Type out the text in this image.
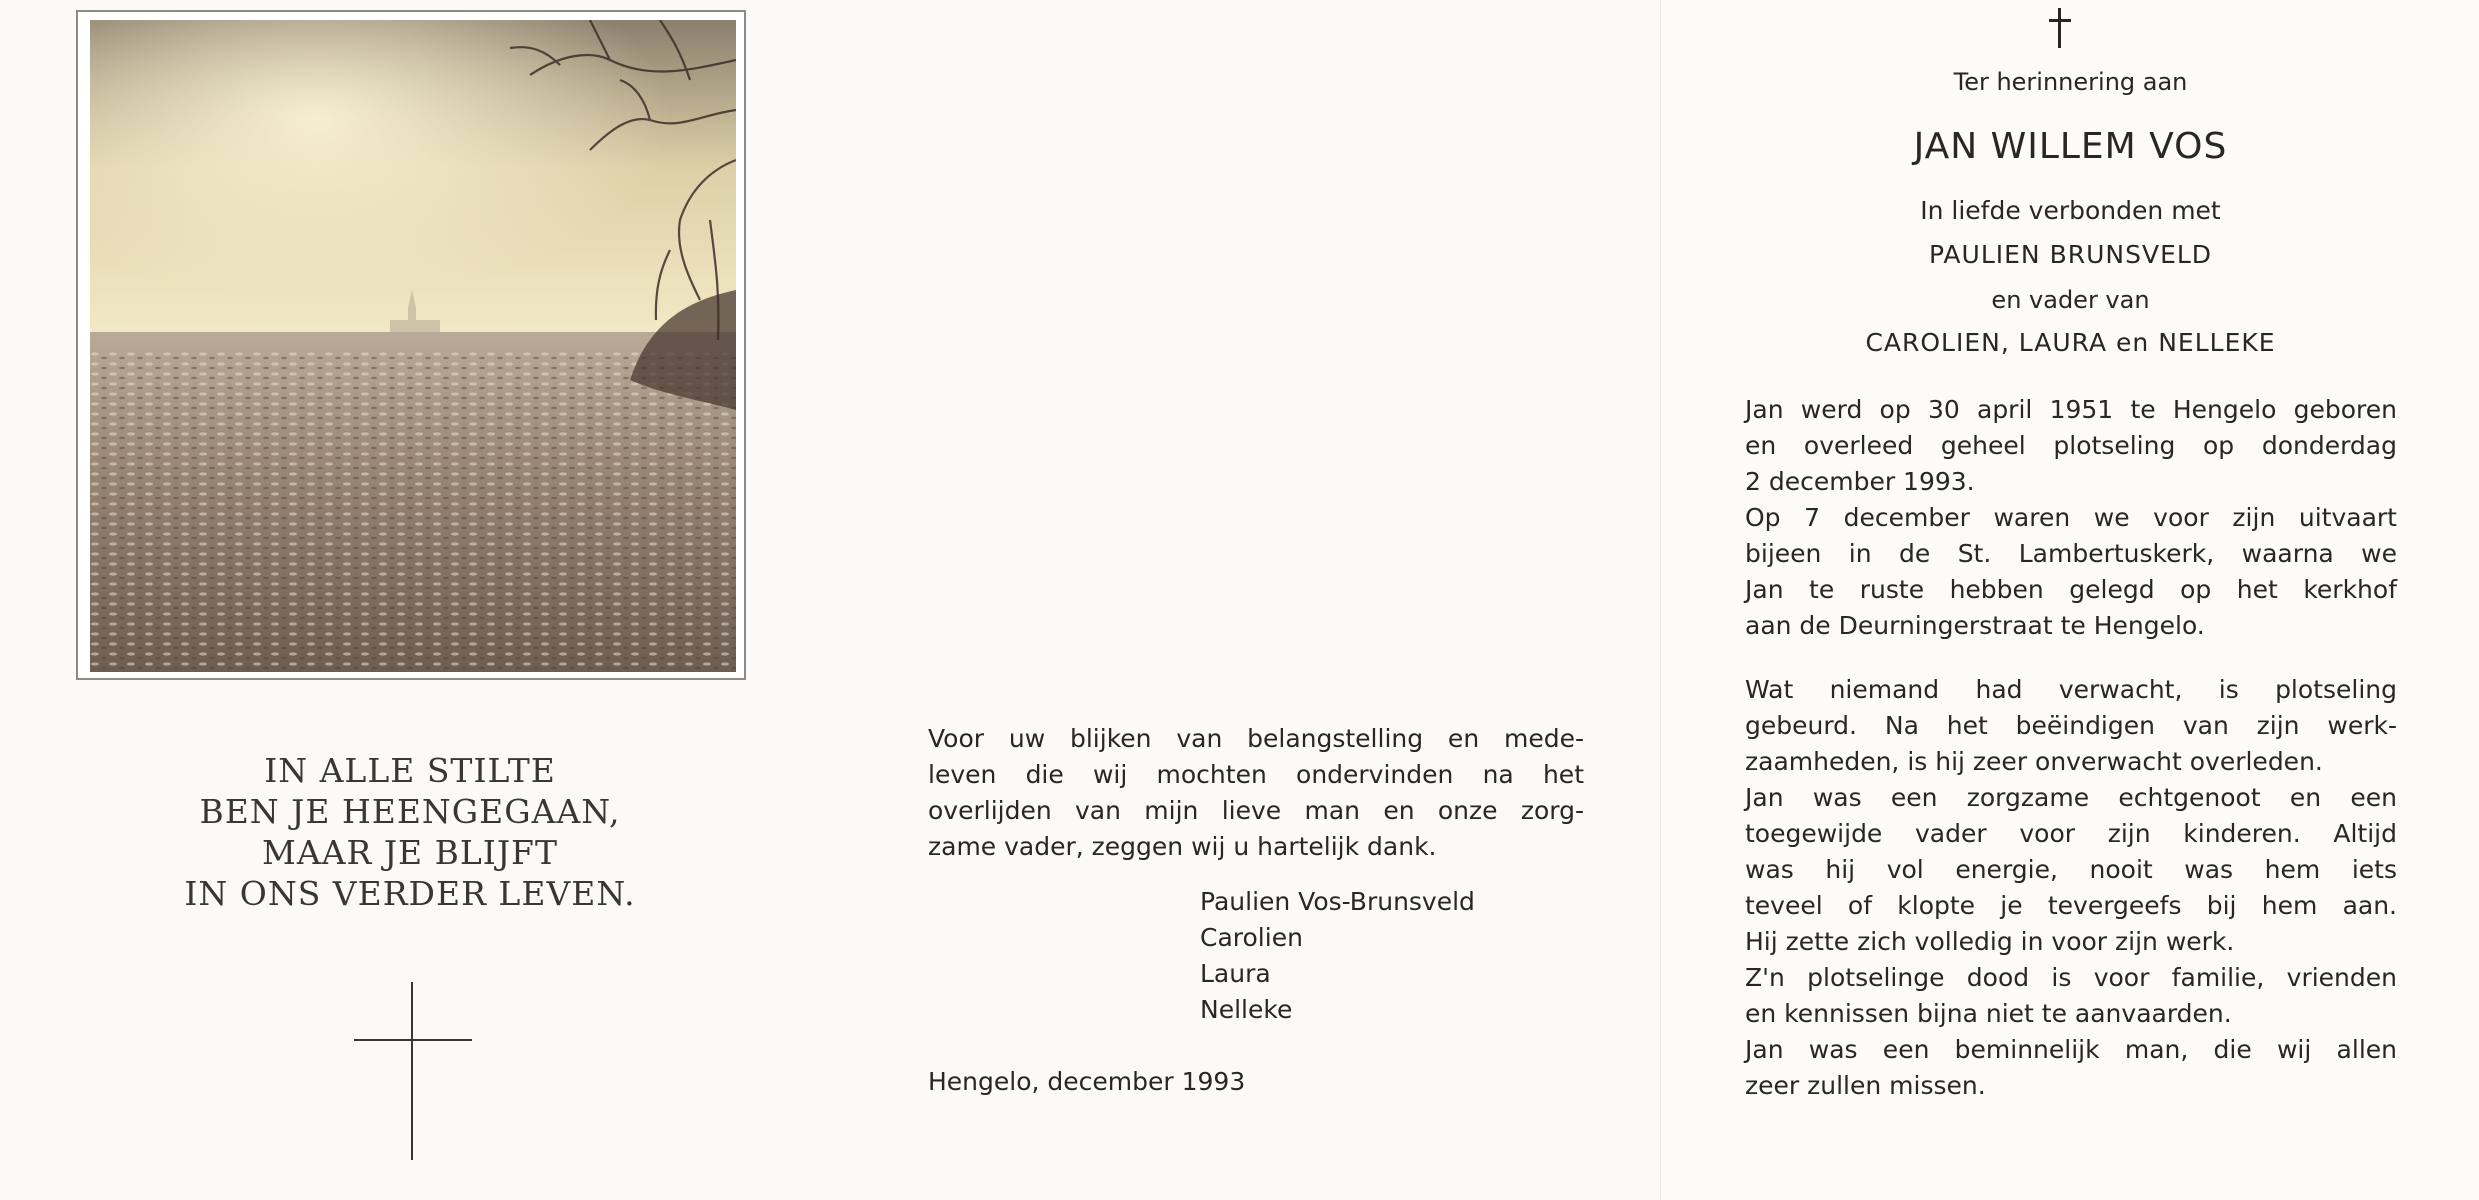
IN ALLE STILTE
BEN JE HEENGEGAAN,
MAAR JE BLIJFT
IN ONS VERDER LEVEN.

Voor uw blijken van belangstelling en mede-

leven die wij mochten ondervinden na het

overlijden van mijn lieve man en onze zorg-

zame vader, zeggen wij u hartelijk dank.

Paulien Vos-Brunsveld
Carolien
Laura
Nelleke
Hengelo, december 1993
Ter herinnering aan
JAN WILLEM VOS
In liefde verbonden met
PAULIEN BRUNSVELD
en vader van
CAROLIEN, LAURA en NELLEKE

Jan werd op 30 april 1951 te Hengelo geboren

en overleed geheel plotseling op donderdag

2 december 1993.

Op 7 december waren we voor zijn uitvaart

bijeen in de St. Lambertuskerk, waarna we

Jan te ruste hebben gelegd op het kerkhof

aan de Deurningerstraat te Hengelo.

Wat niemand had verwacht, is plotseling

gebeurd. Na het beëindigen van zijn werk-

zaamheden, is hij zeer onverwacht overleden.

Jan was een zorgzame echtgenoot en een

toegewijde vader voor zijn kinderen. Altijd

was hij vol energie, nooit was hem iets

teveel of klopte je tevergeefs bij hem aan.

Hij zette zich volledig in voor zijn werk.

Z'n plotselinge dood is voor familie, vrienden

en kennissen bijna niet te aanvaarden.

Jan was een beminnelijk man, die wij allen

zeer zullen missen.
